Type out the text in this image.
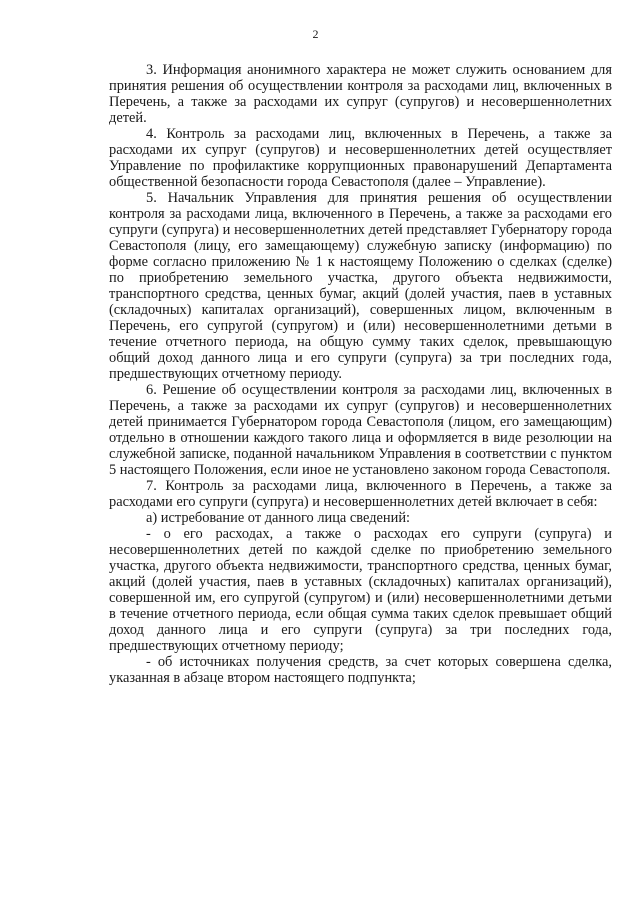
2

3. Информация анонимного характера не может служить основанием для принятия решения об осуществлении контроля за расходами лиц, включенных в Перечень, а также за расходами их супруг (супругов) и несовершеннолетних детей.

4. Контроль за расходами лиц, включенных в Перечень, а также за расходами их супруг (супругов) и несовершеннолетних детей осуществляет Управление по профилактике коррупционных правонарушений Департамента общественной безопасности города Севастополя (далее – Управление).

5. Начальник Управления для принятия решения об осуществлении контроля за расходами лица, включенного в Перечень, а также за расходами его супруги (супруга) и несовершеннолетних детей представляет Губернатору города Севастополя (лицу, его замещающему) служебную записку (информацию) по форме согласно приложению № 1 к настоящему Положению о сделках (сделке) по приобретению земельного участка, другого объекта недвижимости, транспортного средства, ценных бумаг, акций (долей участия, паев в уставных (складочных) капиталах организаций), совершенных лицом, включенным в Перечень, его супругой (супругом) и (или) несовершеннолетними детьми в течение отчетного периода, на общую сумму таких сделок, превышающую общий доход данного лица и его супруги (супруга) за три последних года, предшествующих отчетному периоду.

6. Решение об осуществлении контроля за расходами лиц, включенных в Перечень, а также за расходами их супруг (супругов) и несовершеннолетних детей принимается Губернатором города Севастополя (лицом, его замещающим) отдельно в отношении каждого такого лица и оформляется в виде резолюции на служебной записке, поданной начальником Управления в соответствии с пунктом 5 настоящего Положения, если иное не установлено законом города Севастополя.

7. Контроль за расходами лица, включенного в Перечень, а также за расходами его супруги (супруга) и несовершеннолетних детей включает в себя:

а) истребование от данного лица сведений:

- о его расходах, а также о расходах его супруги (супруга) и несовершеннолетних детей по каждой сделке по приобретению земельного участка, другого объекта недвижимости, транспортного средства, ценных бумаг, акций (долей участия, паев в уставных (складочных) капиталах организаций), совершенной им, его супругой (супругом) и (или) несовершеннолетними детьми в течение отчетного периода, если общая сумма таких сделок превышает общий доход данного лица и его супруги (супруга) за три последних года, предшествующих отчетному периоду;

- об источниках получения средств, за счет которых совершена сделка, указанная в абзаце втором настоящего подпункта;
